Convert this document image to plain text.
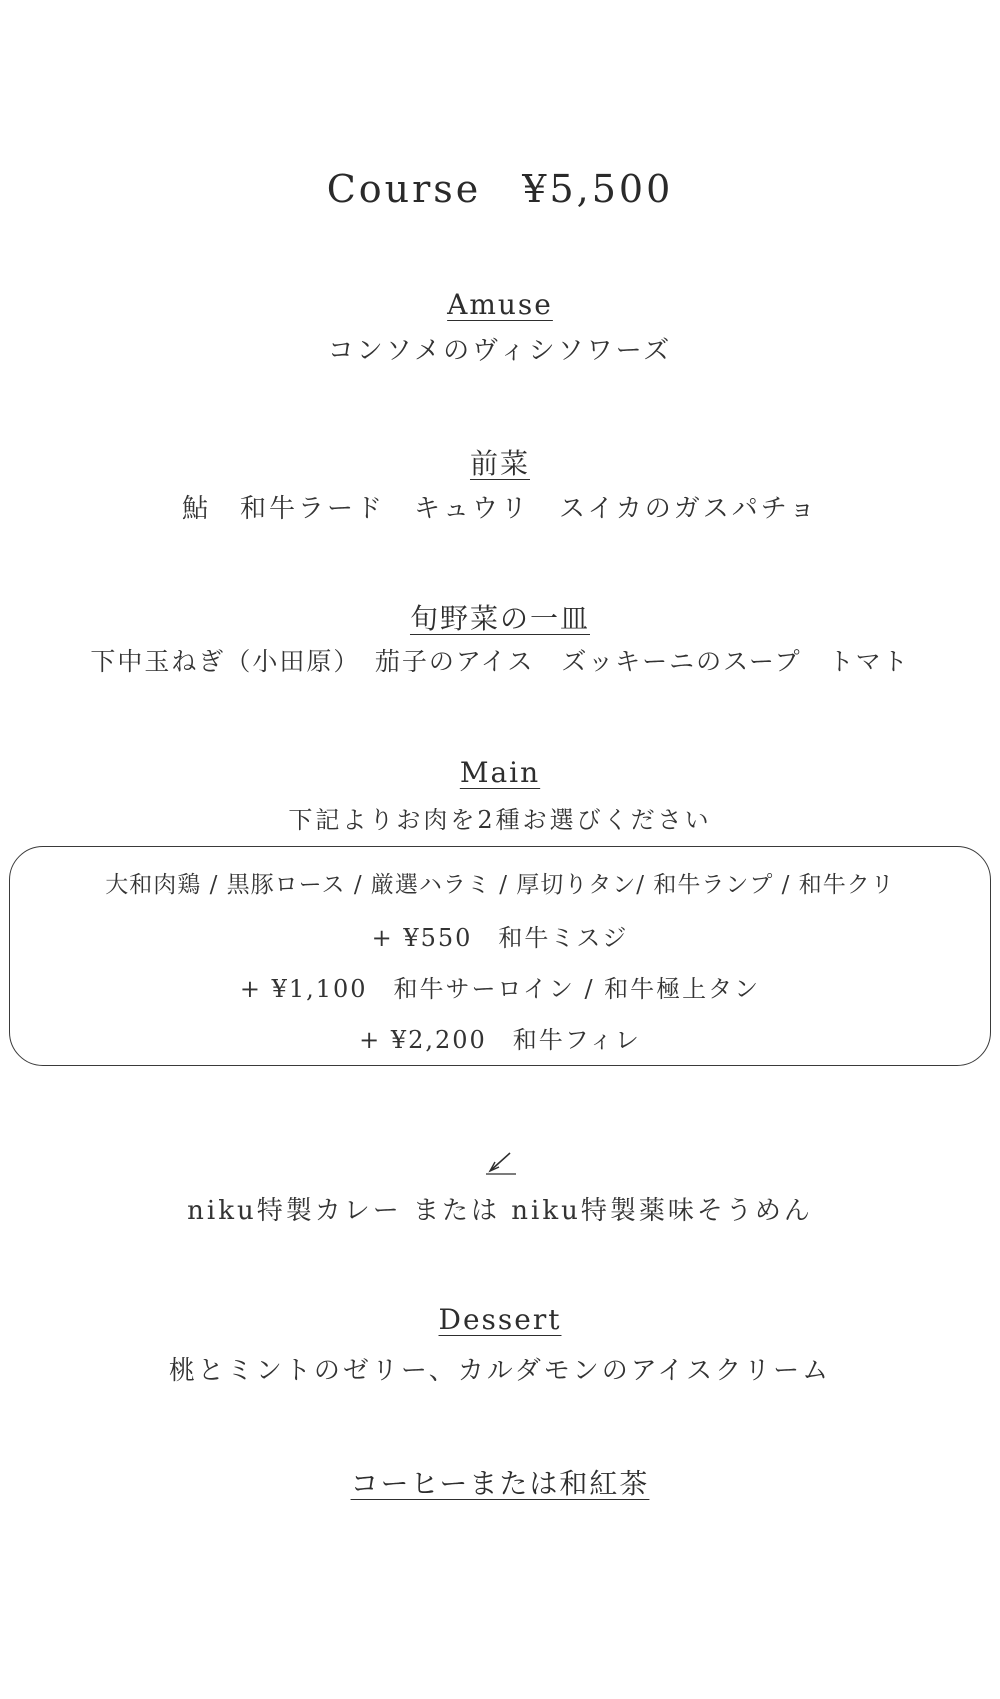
Course　¥5,500
Amuse
コンソメのヴィシソワーズ
前菜
鮎　和牛ラード　キュウリ　スイカのガスパチョ
旬野菜の一皿
下中玉ねぎ（小田原）　茄子のアイス　ズッキーニのスープ　トマト
Main
下記よりお肉を2種お選びください
大和肉鶏 / 黒豚ロース / 厳選ハラミ / 厚切りタン/ 和牛ランプ / 和牛クリ
+ ¥550　和牛ミスジ
+ ¥1,100　和牛サーロイン / 和牛極上タン
+ ¥2,200　和牛フィレ
niku特製カレー または niku特製薬味そうめん
Dessert
桃とミントのゼリー、カルダモンのアイスクリーム
コーヒーまたは和紅茶
